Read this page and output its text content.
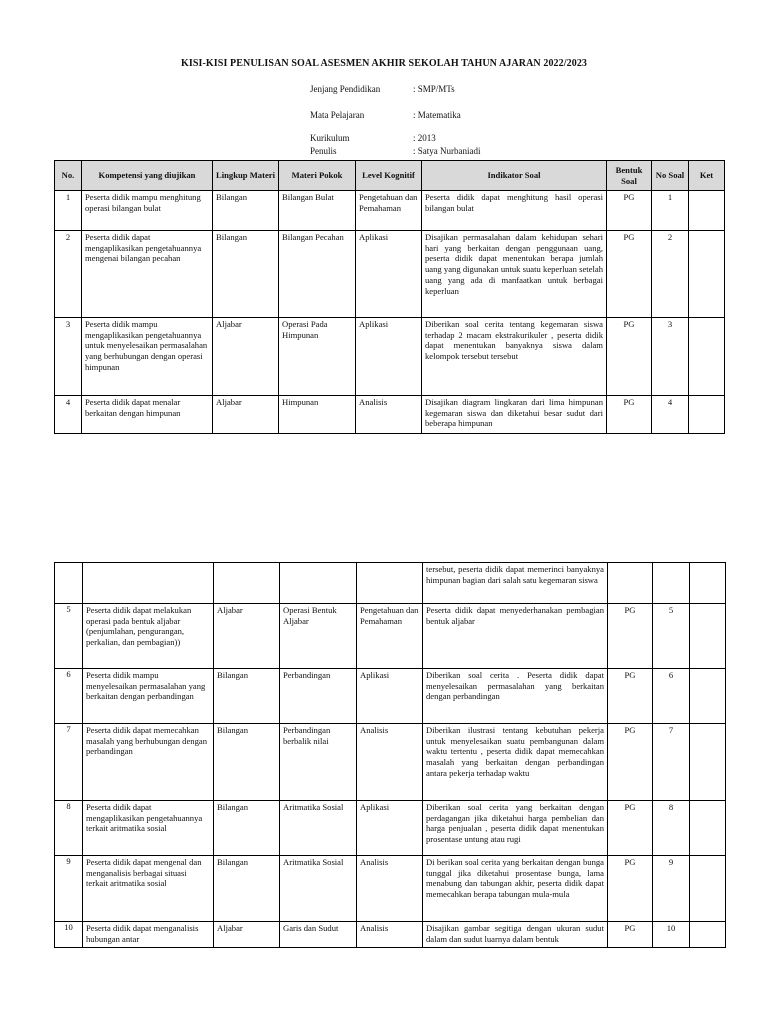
KISI-KISI PENULISAN SOAL ASESMEN AKHIR SEKOLAH TAHUN AJARAN 2022/2023
Jenjang Pendidikan	: SMP/MTs
Mata Pelajaran	: Matematika
Kurikulum	: 2013
Penulis	: Satya Nurbaniadi
No.	Kompetensi yang diujikan	Lingkup Materi	Materi Pokok	Level Kognitif	Indikator Soal	Bentuk Soal	No Soal	Ket
1	Peserta didik mampu menghitung operasi bilangan bulat	Bilangan	Bilangan Bulat	Pengetahuan dan Pemahaman	Peserta didik dapat menghitung hasil operasi bilangan bulat	PG	1	
2	Peserta didik dapat mengaplikasikan pengetahuannya mengenai bilangan pecahan	Bilangan	Bilangan Pecahan	Aplikasi	Disajikan permasalahan dalam kehidupan sehari hari yang berkaitan dengan penggunaan uang, peserta didik dapat menentukan berapa jumlah uang yang digunakan untuk suatu keperluan setelah uang yang ada di manfaatkan untuk berbagai keperluan	PG	2	
3	Peserta didik mampu mengaplikasikan pengetahuannya untuk menyelesaikan permasalahan yang berhubungan dengan operasi himpunan	Aljabar	Operasi Pada Himpunan	Aplikasi	Diberikan soal cerita tentang kegemaran siswa terhadap 2 macam ekstrakurikuler , peserta didik dapat menentukan banyaknya siswa dalam kelompok tersebut tersebut	PG	3	
4	Peserta didik dapat menalar berkaitan dengan himpunan	Aljabar	Himpunan	Analisis	Disajikan diagram lingkaran dari lima himpunan kegemaran siswa dan diketahui besar sudut dari beberapa himpunan	PG	4	
					tersebut, peserta didik dapat memerinci banyaknya himpunan bagian dari salah satu kegemaran siswa			
5	Peserta didik dapat melakukan operasi pada bentuk aljabar (penjumlahan, pengurangan, perkalian, dan pembagian))	Aljabar	Operasi Bentuk Aljabar	Pengetahuan dan Pemahaman	Peserta didik dapat menyederhanakan pembagian bentuk aljabar	PG	5	
6	Peserta didik mampu menyelesaikan permasalahan yang berkaitan dengan perbandingan	Bilangan	Perbandingan	Aplikasi	Diberikan soal cerita . Peserta didik dapat menyelesaikan permasalahan yang berkaitan dengan perbandingan	PG	6	
7	Peserta didik dapat memecahkan masalah yang berhubungan dengan perbandingan	Bilangan	Perbandingan berbalik nilai	Analisis	Diberikan ilustrasi tentang kebutuhan pekerja untuk menyelesaikan suatu pembangunan dalam waktu tertentu , peserta didik dapat memecahkan masalah yang berkaitan dengan perbandingan antara pekerja terhadap waktu	PG	7	
8	Peserta didik dapat mengaplikasikan pengetahuannya terkait aritmatika sosial	Bilangan	Aritmatika Sosial	Aplikasi	Diberikan soal cerita yang berkaitan dengan perdagangan jika diketahui harga pembelian dan harga penjualan , peserta didik dapat menentukan prosentase untung atau rugi	PG	8	
9	Peserta didik dapat mengenal dan menganalisis berbagai situasi terkait aritmatika sosial	Bilangan	Aritmatika Sosial	Analisis	Di berikan soal cerita yang berkaitan dengan bunga tunggal jika diketahui prosentase bunga, lama menabung dan tabungan akhir, peserta didik dapat memecahkan berapa tabungan mula-mula	PG	9	
10	Peserta didik dapat menganalisis hubungan antar	Aljabar	Garis dan Sudut	Analisis	Disajikan gambar segitiga dengan ukuran sudut dalam dan sudut luarnya dalam bentuk	PG	10	
